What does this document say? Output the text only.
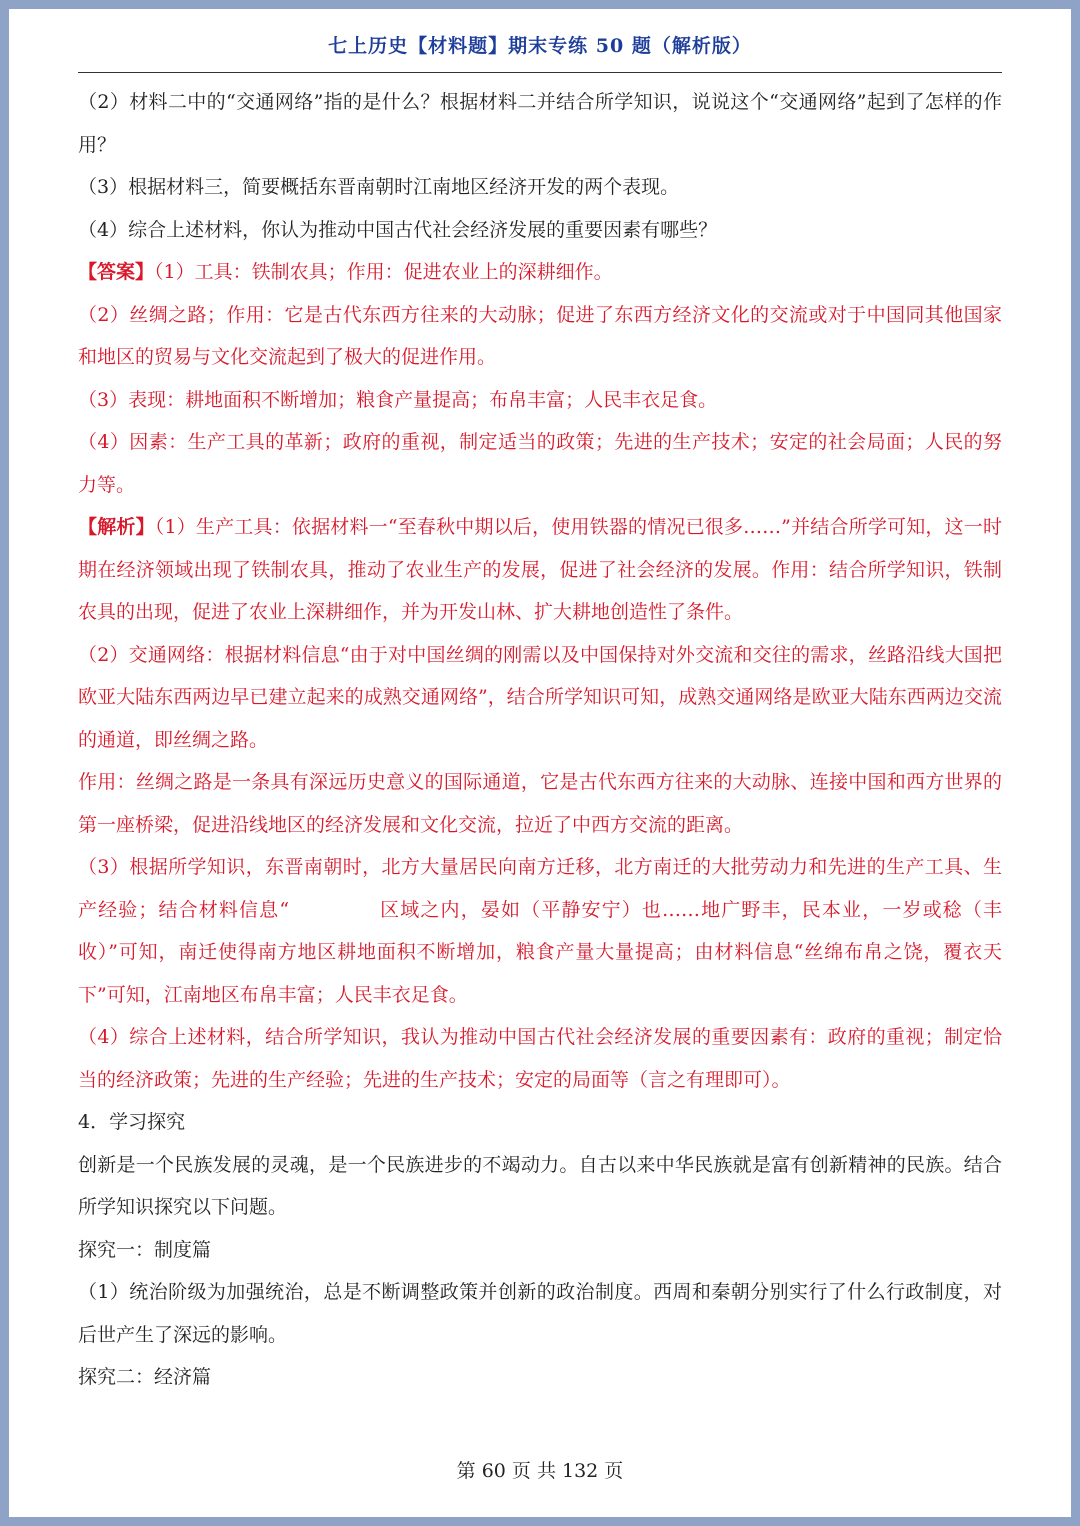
七上历史【材料题】期末专练 50 题（解析版）

（2）材料二中的“交通网络”指的是什么？根据材料二并结合所学知识，说说这个“交通网络”起到了怎样的作用？

（3）根据材料三，简要概括东晋南朝时江南地区经济开发的两个表现。

（4）综合上述材料，你认为推动中国古代社会经济发展的重要因素有哪些？

【答案】（1）工具：铁制农具；作用：促进农业上的深耕细作。

（2）丝绸之路；作用：它是古代东西方往来的大动脉；促进了东西方经济文化的交流或对于中国同其他国家和地区的贸易与文化交流起到了极大的促进作用。

（3）表现：耕地面积不断增加；粮食产量提高；布帛丰富；人民丰衣足食。

（4）因素：生产工具的革新；政府的重视，制定适当的政策；先进的生产技术；安定的社会局面；人民的努力等。

【解析】（1）生产工具：依据材料一“至春秋中期以后，使用铁器的情况已很多……”并结合所学可知，这一时期在经济领域出现了铁制农具，推动了农业生产的发展，促进了社会经济的发展。作用：结合所学知识，铁制农具的出现，促进了农业上深耕细作，并为开发山林、扩大耕地创造性了条件。

（2）交通网络：根据材料信息“由于对中国丝绸的刚需以及中国保持对外交流和交往的需求，丝路沿线大国把欧亚大陆东西两边早已建立起来的成熟交通网络”，结合所学知识可知，成熟交通网络是欧亚大陆东西两边交流的通道，即丝绸之路。

作用：丝绸之路是一条具有深远历史意义的国际通道，它是古代东西方往来的大动脉、连接中国和西方世界的第一座桥梁，促进沿线地区的经济发展和文化交流，拉近了中西方交流的距离。

（3）根据所学知识，东晋南朝时，北方大量居民向南方迁移，北方南迁的大批劳动力和先进的生产工具、生产经验；结合材料信息“	区域之内，晏如（平静安宁）也……地广野丰，民本业，一岁或稔（丰收）”可知，南迁使得南方地区耕地面积不断增加，粮食产量大量提高；由材料信息“丝绵布帛之饶，覆衣天下”可知，江南地区布帛丰富；人民丰衣足食。

（4）综合上述材料，结合所学知识，我认为推动中国古代社会经济发展的重要因素有：政府的重视；制定恰当的经济政策；先进的生产经验；先进的生产技术；安定的局面等（言之有理即可）。

4．学习探究

创新是一个民族发展的灵魂，是一个民族进步的不竭动力。自古以来中华民族就是富有创新精神的民族。结合所学知识探究以下问题。

探究一：制度篇

（1）统治阶级为加强统治，总是不断调整政策并创新的政治制度。西周和秦朝分别实行了什么行政制度，对后世产生了深远的影响。

探究二：经济篇

第 60 页 共 132 页
